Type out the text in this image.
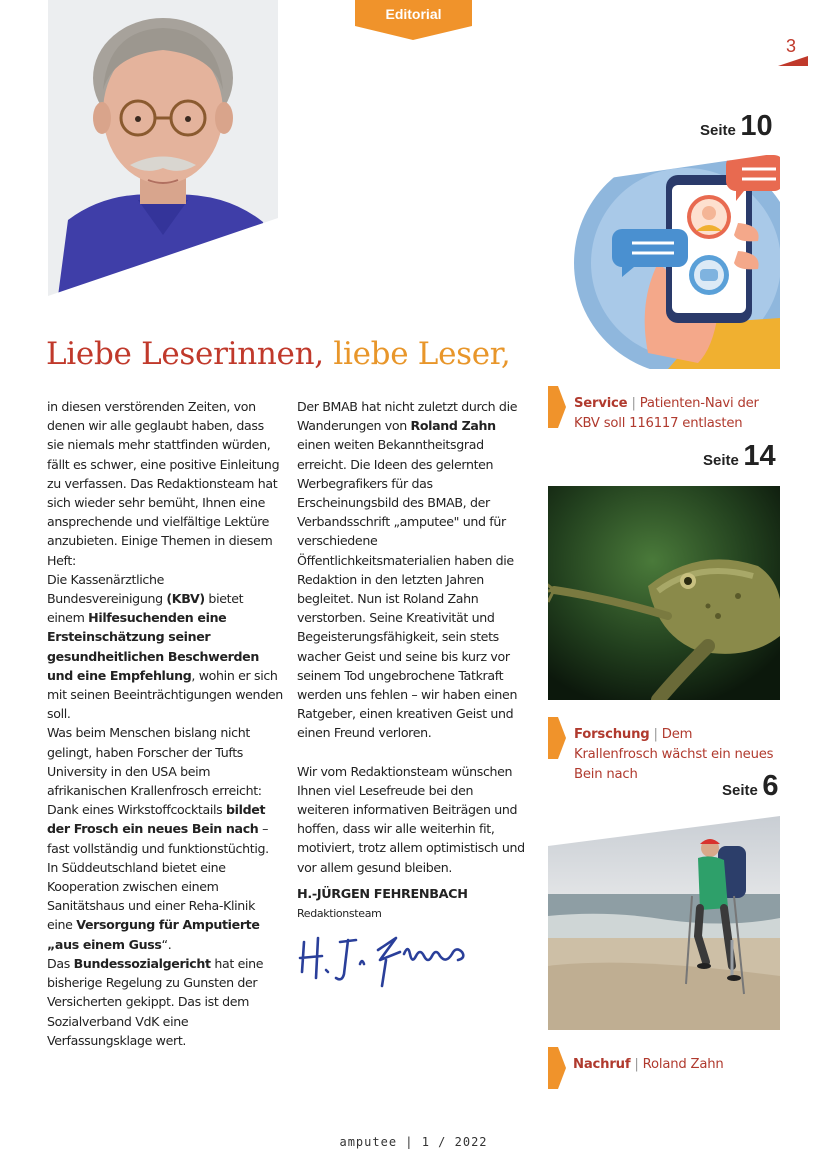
Editorial
3
Liebe Leserinnen, liebe Leser,

in diesen verstörenden Zeiten, von denen wir alle geglaubt haben, dass sie niemals mehr stattfinden würden, fällt es schwer, eine positive Einleitung zu verfassen. Das Redaktionsteam hat sich wieder sehr bemüht, Ihnen eine ansprechende und vielfältige Lektüre anzubieten. Einige Themen in diesem Heft:

Die Kassenärztliche Bundesvereinigung (KBV) bietet einem Hilfesuchenden eine Ersteinschätzung seiner gesundheitlichen Beschwerden und eine Empfehlung, wohin er sich mit seinen Beeinträchtigungen wenden soll.

Was beim Menschen bislang nicht gelingt, haben Forscher der Tufts University in den USA beim afrikanischen Krallenfrosch erreicht: Dank eines Wirkstoffcocktails bildet der Frosch ein neues Bein nach – fast vollständig und funktionstüchtig.

In Süddeutschland bietet eine Kooperation zwischen einem Sanitätshaus und einer Reha-Klinik eine Versorgung für Amputierte „aus einem Guss“.

Das Bundessozialgericht hat eine bisherige Regelung zu Gunsten der Versicherten gekippt. Das ist dem Sozialverband VdK eine Verfassungsklage wert.

Der BMAB hat nicht zuletzt durch die Wanderungen von Roland Zahn einen weiten Bekanntheitsgrad erreicht. Die Ideen des gelernten Werbegrafikers für das Erscheinungsbild des BMAB, der Verbandsschrift „amputee" und für verschiedene Öffentlichkeitsmaterialien haben die Redaktion in den letzten Jahren begleitet. Nun ist Roland Zahn verstorben. Seine Kreativität und Begeisterungsfähigkeit, sein stets wacher Geist und seine bis kurz vor seinem Tod ungebrochene Tatkraft werden uns fehlen – wir haben einen Ratgeber, einen kreativen Geist und einen Freund verloren.

Wir vom Redaktionsteam wünschen Ihnen viel Lesefreude bei den weiteren informativen Beiträgen und hoffen, dass wir alle weiterhin fit, motiviert, trotz allem optimistisch und vor allem gesund bleiben.

H.-JÜRGEN FEHRENBACH

Redaktionsteam

Seite 10
Service | Patienten-Navi der KBV soll 116117 entlasten
Seite 14
Forschung | Dem Krallenfrosch wächst ein neues Bein nach
Seite 6
Nachruf | Roland Zahn
amputee | 1 / 2022
